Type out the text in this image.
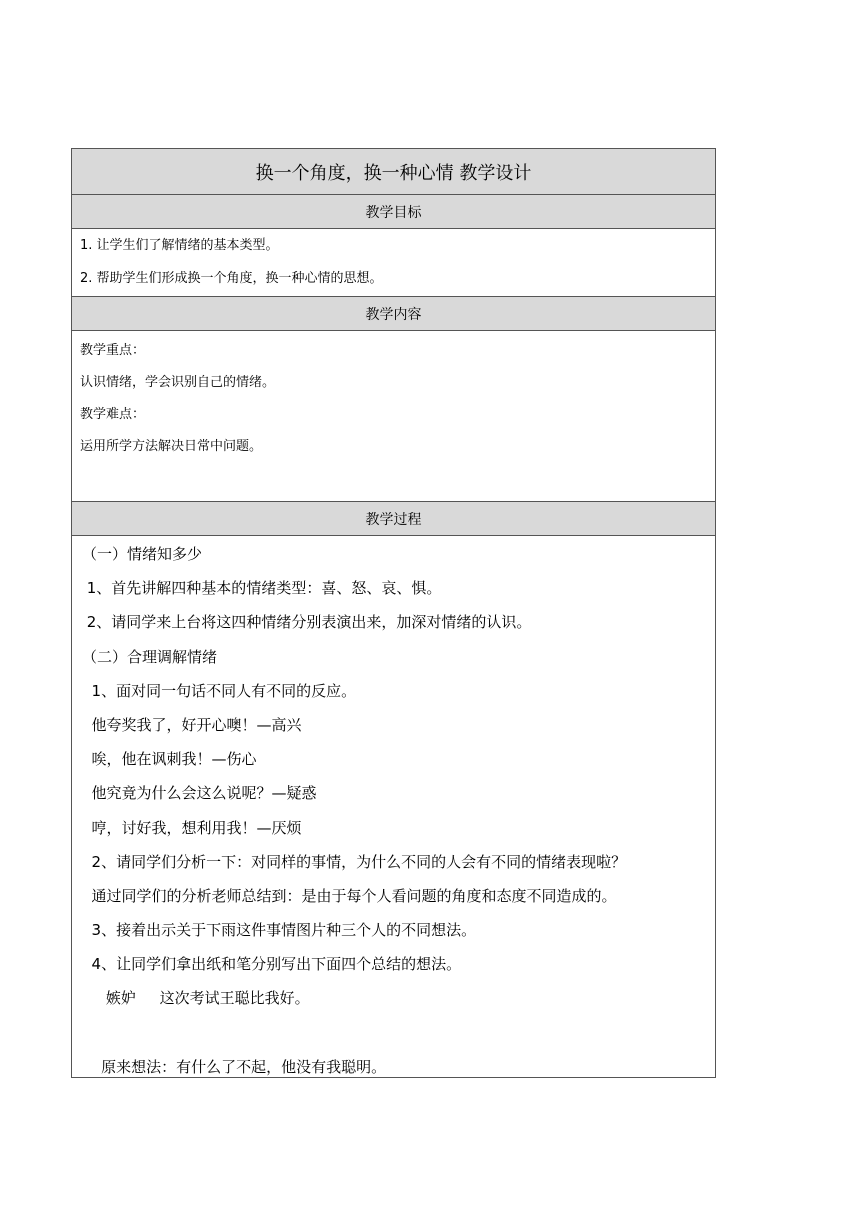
换一个角度，换一种心情 教学设计
教学目标
1. 让学生们了解情绪的基本类型。
2. 帮助学生们形成换一个角度，换一种心情的思想。
教学内容
教学重点：
认识情绪，学会识别自己的情绪。
教学难点：
运用所学方法解决日常中问题。
教学过程
（一）情绪知多少
1、首先讲解四种基本的情绪类型：喜、怒、哀、惧。
2、请同学来上台将这四种情绪分别表演出来，加深对情绪的认识。
（二）合理调解情绪
1、面对同一句话不同人有不同的反应。
他夸奖我了，好开心噢！—高兴
唉，他在讽刺我！—伤心
他究竟为什么会这么说呢？—疑惑
哼，讨好我，想利用我！—厌烦
2、请同学们分析一下：对同样的事情，为什么不同的人会有不同的情绪表现啦？
通过同学们的分析老师总结到：是由于每个人看问题的角度和态度不同造成的。
3、接着出示关于下雨这件事情图片种三个人的不同想法。
4、让同学们拿出纸和笔分别写出下面四个总结的想法。
嫉妒     这次考试王聪比我好。
原来想法：有什么了不起，他没有我聪明。
